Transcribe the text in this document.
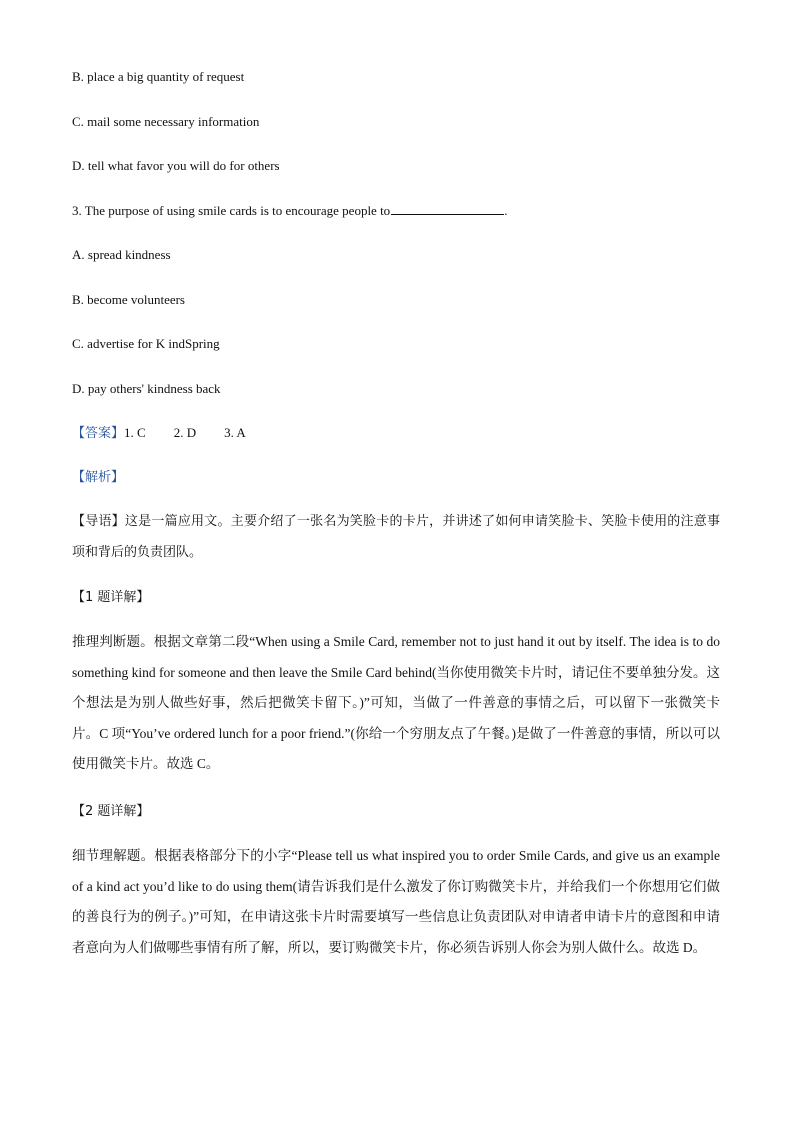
B. place a big quantity of request
C. mail some necessary information
D. tell what favor you will do for others
3. The purpose of using smile cards is to encourage people to	.
A. spread kindness
B. become volunteers
C. advertise for K indSpring
D. pay others' kindness back
【答案】1. C 2. D 3. A
【解析】
【导语】这是一篇应用文。主要介绍了一张名为笑脸卡的卡片，并讲述了如何申请笑脸卡、笑脸卡使用的注意事项和背后的负责团队。
【1 题详解】
推理判断题。根据文章第二段“When using a Smile Card, remember not to just hand it out by itself. The idea is to do something kind for someone and then leave the Smile Card behind(当你使用微笑卡片时，请记住不要单独分发。这个想法是为别人做些好事，然后把微笑卡留下。)”可知，当做了一件善意的事情之后，可以留下一张微笑卡片。C 项“You’ve ordered lunch for a poor friend.”(你给一个穷朋友点了午餐。)是做了一件善意的事情，所以可以使用微笑卡片。故选 C。
【2 题详解】
细节理解题。根据表格部分下的小字“Please tell us what inspired you to order Smile Cards, and give us an example of a kind act you’d like to do using them(请告诉我们是什么激发了你订购微笑卡片，并给我们一个你想用它们做的善良行为的例子。)”可知，在申请这张卡片时需要填写一些信息让负责团队对申请者申请卡片的意图和申请者意向为人们做哪些事情有所了解，所以，要订购微笑卡片，你必须告诉别人你会为别人做什么。故选 D。
